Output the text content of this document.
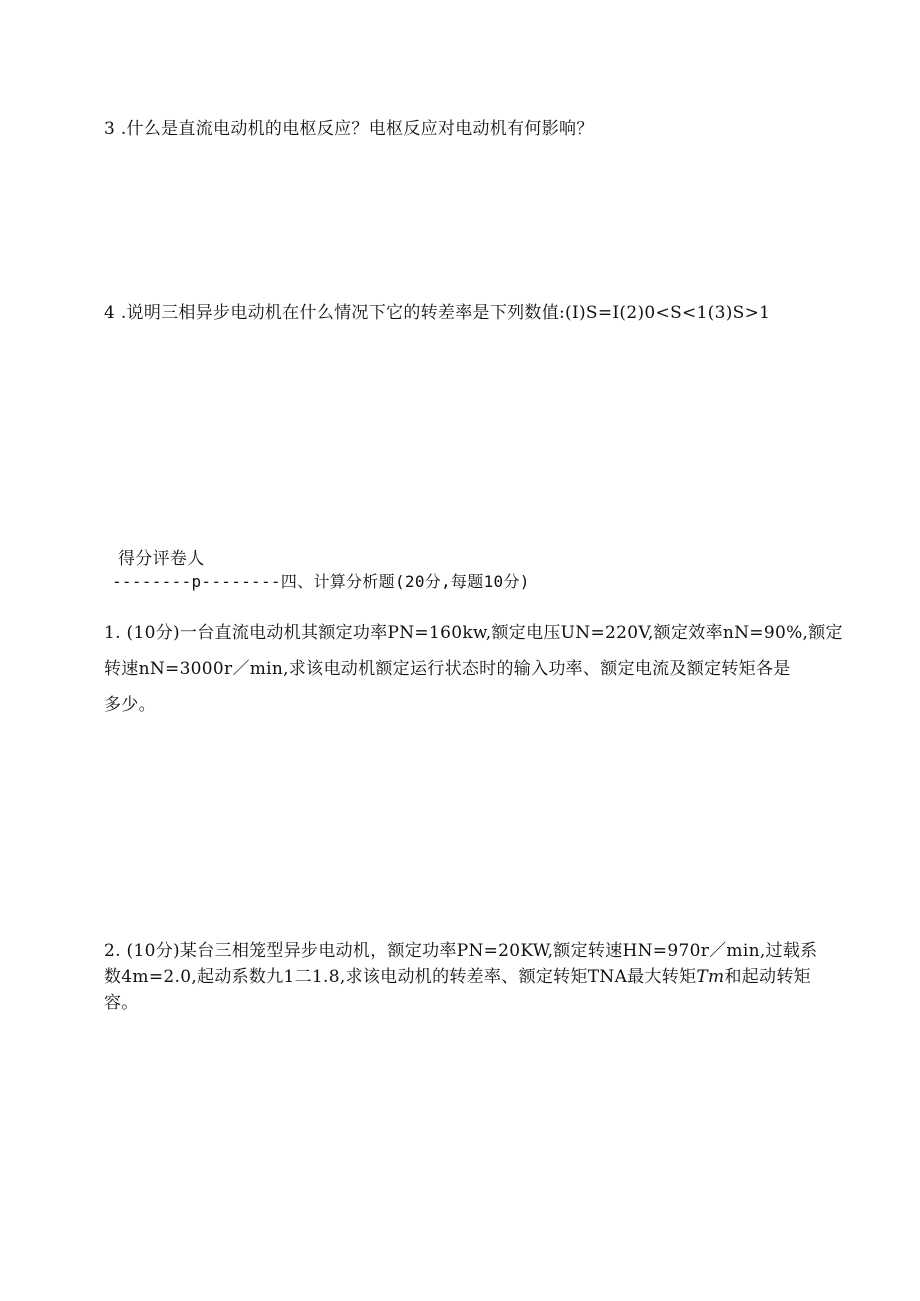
3 .什么是直流电动机的电枢反应？电枢反应对电动机有何影响？
4 .说明三相异步电动机在什么情况下它的转差率是下列数值:(I)S=I(2)0<S<1(3)S>1
得分评卷人
--------p--------四、计算分析题(20分,每题10分)
1. (10分)一台直流电动机其额定功率PN=160kw,额定电压UN=220V,额定效率nN=90%,额定
转速nN=3000r／min,求该电动机额定运行状态时的输入功率、额定电流及额定转矩各是
多少。
2. (10分)某台三相笼型异步电动机，额定功率PN=20KW,额定转速HN=970r／min,过载系
数4m=2.0,起动系数九1二1.8,求该电动机的转差率、额定转矩TNA最大转矩Tm和起动转矩
容。
